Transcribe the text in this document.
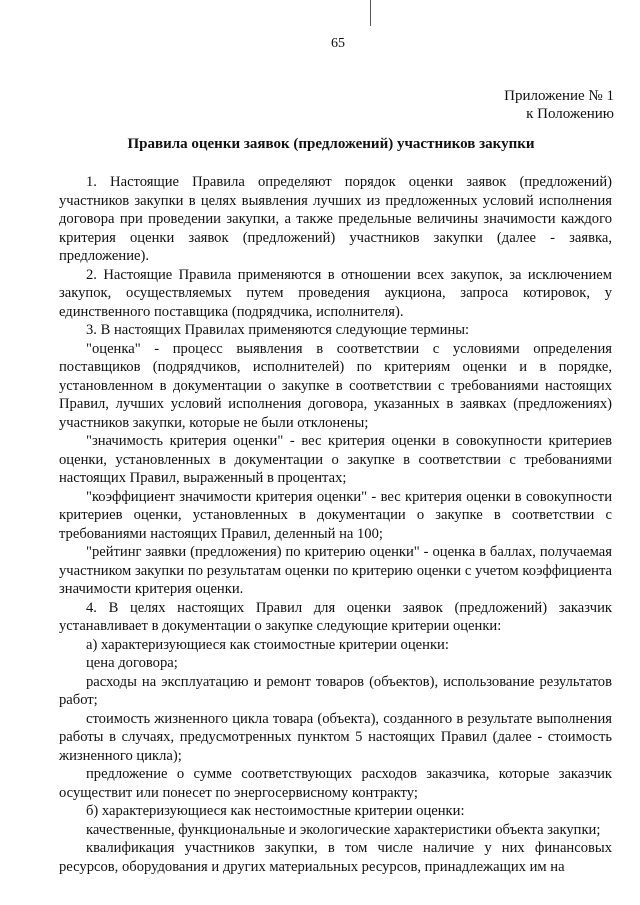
65
Приложение № 1
к Положению
Правила оценки заявок (предложений) участников закупки

1. Настоящие Правила определяют порядок оценки заявок (предложений) участников закупки в целях выявления лучших из предложенных условий исполнения договора при проведении закупки, а также предельные величины значимости каждого критерия оценки заявок (предложений) участников закупки (далее - заявка, предложение).

2. Настоящие Правила применяются в отношении всех закупок, за исключением закупок, осуществляемых путем проведения аукциона, запроса котировок, у единственного поставщика (подрядчика, исполнителя).

3. В настоящих Правилах применяются следующие термины:

"оценка" - процесс выявления в соответствии с условиями определения поставщиков (подрядчиков, исполнителей) по критериям оценки и в порядке, установленном в документации о закупке в соответствии с требованиями настоящих Правил, лучших условий исполнения договора, указанных в заявках (предложениях) участников закупки, которые не были отклонены;

"значимость критерия оценки" - вес критерия оценки в совокупности критериев оценки, установленных в документации о закупке в соответствии с требованиями настоящих Правил, выраженный в процентах;

"коэффициент значимости критерия оценки" - вес критерия оценки в совокупности критериев оценки, установленных в документации о закупке в соответствии с требованиями настоящих Правил, деленный на 100;

"рейтинг заявки (предложения) по критерию оценки" - оценка в баллах, получаемая участником закупки по результатам оценки по критерию оценки с учетом коэффициента значимости критерия оценки.

4. В целях настоящих Правил для оценки заявок (предложений) заказчик устанавливает в документации о закупке следующие критерии оценки:

а) характеризующиеся как стоимостные критерии оценки:

цена договора;

расходы на эксплуатацию и ремонт товаров (объектов), использование результатов работ;

стоимость жизненного цикла товара (объекта), созданного в результате выполнения работы в случаях, предусмотренных пунктом 5 настоящих Правил (далее - стоимость жизненного цикла);

предложение о сумме соответствующих расходов заказчика, которые заказчик осуществит или понесет по энергосервисному контракту;

б) характеризующиеся как нестоимостные критерии оценки:

качественные, функциональные и экологические характеристики объекта закупки;

квалификация участников закупки, в том числе наличие у них финансовых ресурсов, оборудования и других материальных ресурсов, принадлежащих им на
